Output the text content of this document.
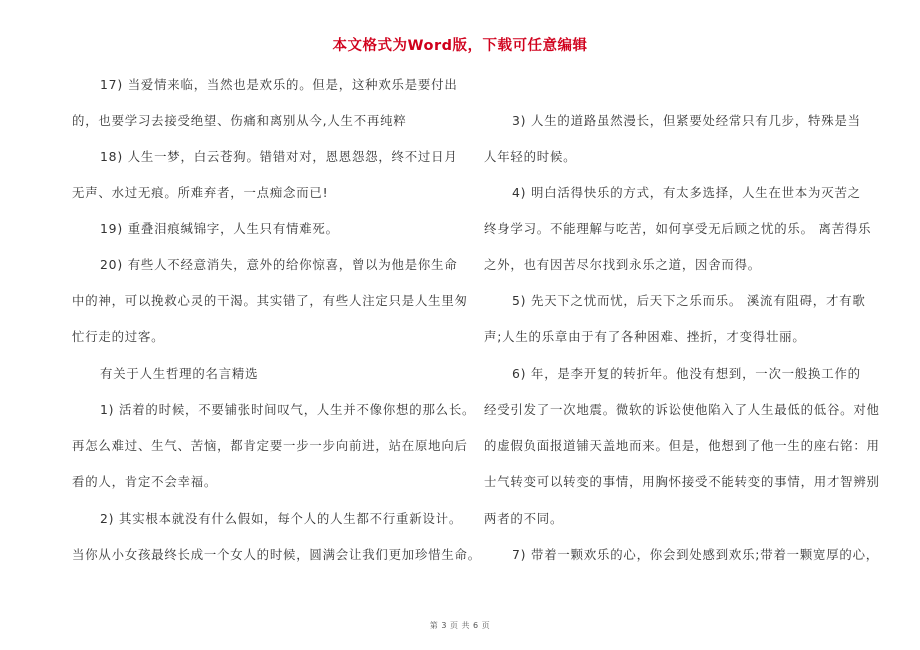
本文格式为Word版，下载可任意编辑
17) 当爱情来临，当然也是欢乐的。但是，这种欢乐是要付出
的，也要学习去接受绝望、伤痛和离别从今,人生不再纯粹
18) 人生一梦，白云苍狗。错错对对，恩恩怨怨，终不过日月
无声、水过无痕。所难弃者，一点痴念而已!
19) 重叠泪痕缄锦字，人生只有情难死。
20) 有些人不经意消失，意外的给你惊喜，曾以为他是你生命
中的神，可以挽救心灵的干渴。其实错了，有些人注定只是人生里匆
忙行走的过客。
有关于人生哲理的名言精选
1) 活着的时候，不要铺张时间叹气，人生并不像你想的那么长。
再怎么难过、生气、苦恼，都肯定要一步一步向前进，站在原地向后
看的人，肯定不会幸福。
2) 其实根本就没有什么假如，每个人的人生都不行重新设计。
当你从小女孩最终长成一个女人的时候，圆满会让我们更加珍惜生命。
3) 人生的道路虽然漫长，但紧要处经常只有几步，特殊是当
人年轻的时候。
4) 明白活得快乐的方式，有太多选择，人生在世本为灭苦之
终身学习。不能理解与吃苦，如何享受无后顾之忧的乐。 离苦得乐
之外，也有因苦尽尔找到永乐之道，因舍而得。
5) 先天下之忧而忧，后天下之乐而乐。 溪流有阻碍，才有歌
声;人生的乐章由于有了各种困难、挫折，才变得壮丽。
6) 年，是李开复的转折年。他没有想到，一次一般换工作的
经受引发了一次地震。微软的诉讼使他陷入了人生最低的低谷。对他
的虚假负面报道铺天盖地而来。但是，他想到了他一生的座右铭：用
士气转变可以转变的事情，用胸怀接受不能转变的事情，用才智辨别
两者的不同。
7) 带着一颗欢乐的心，你会到处感到欢乐;带着一颗宽厚的心，
第 3 页 共 6 页
